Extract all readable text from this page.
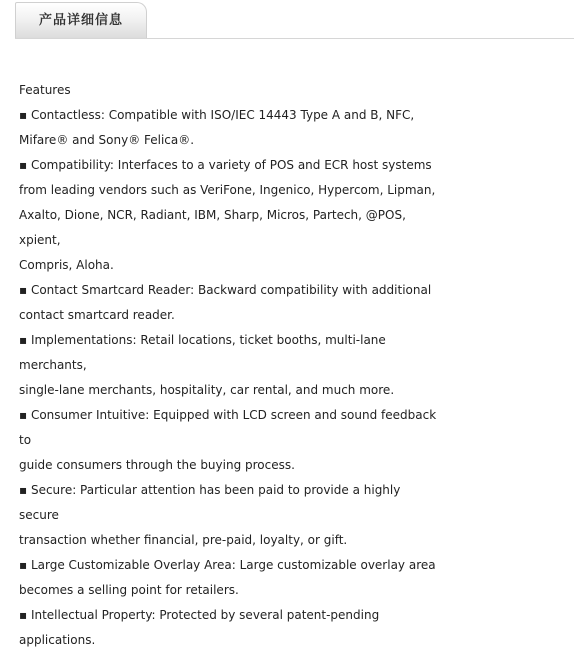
产品详细信息

Features

▪ Contactless: Compatible with ISO/IEC 14443 Type A and B, NFC,

Mifare® and Sony® Felica®.

▪ Compatibility: Interfaces to a variety of POS and ECR host systems

from leading vendors such as VeriFone, Ingenico, Hypercom, Lipman,

Axalto, Dione, NCR, Radiant, IBM, Sharp, Micros, Partech, @POS, xpient,

Compris, Aloha.

▪ Contact Smartcard Reader: Backward compatibility with additional

contact smartcard reader.

▪ Implementations: Retail locations, ticket booths, multi-lane merchants,

single-lane merchants, hospitality, car rental, and much more.

▪ Consumer Intuitive: Equipped with LCD screen and sound feedback to

guide consumers through the buying process.

▪ Secure: Particular attention has been paid to provide a highly secure

transaction whether financial, pre-paid, loyalty, or gift.

▪ Large Customizable Overlay Area: Large customizable overlay area

becomes a selling point for retailers.

▪ Intellectual Property: Protected by several patent-pending applications.
